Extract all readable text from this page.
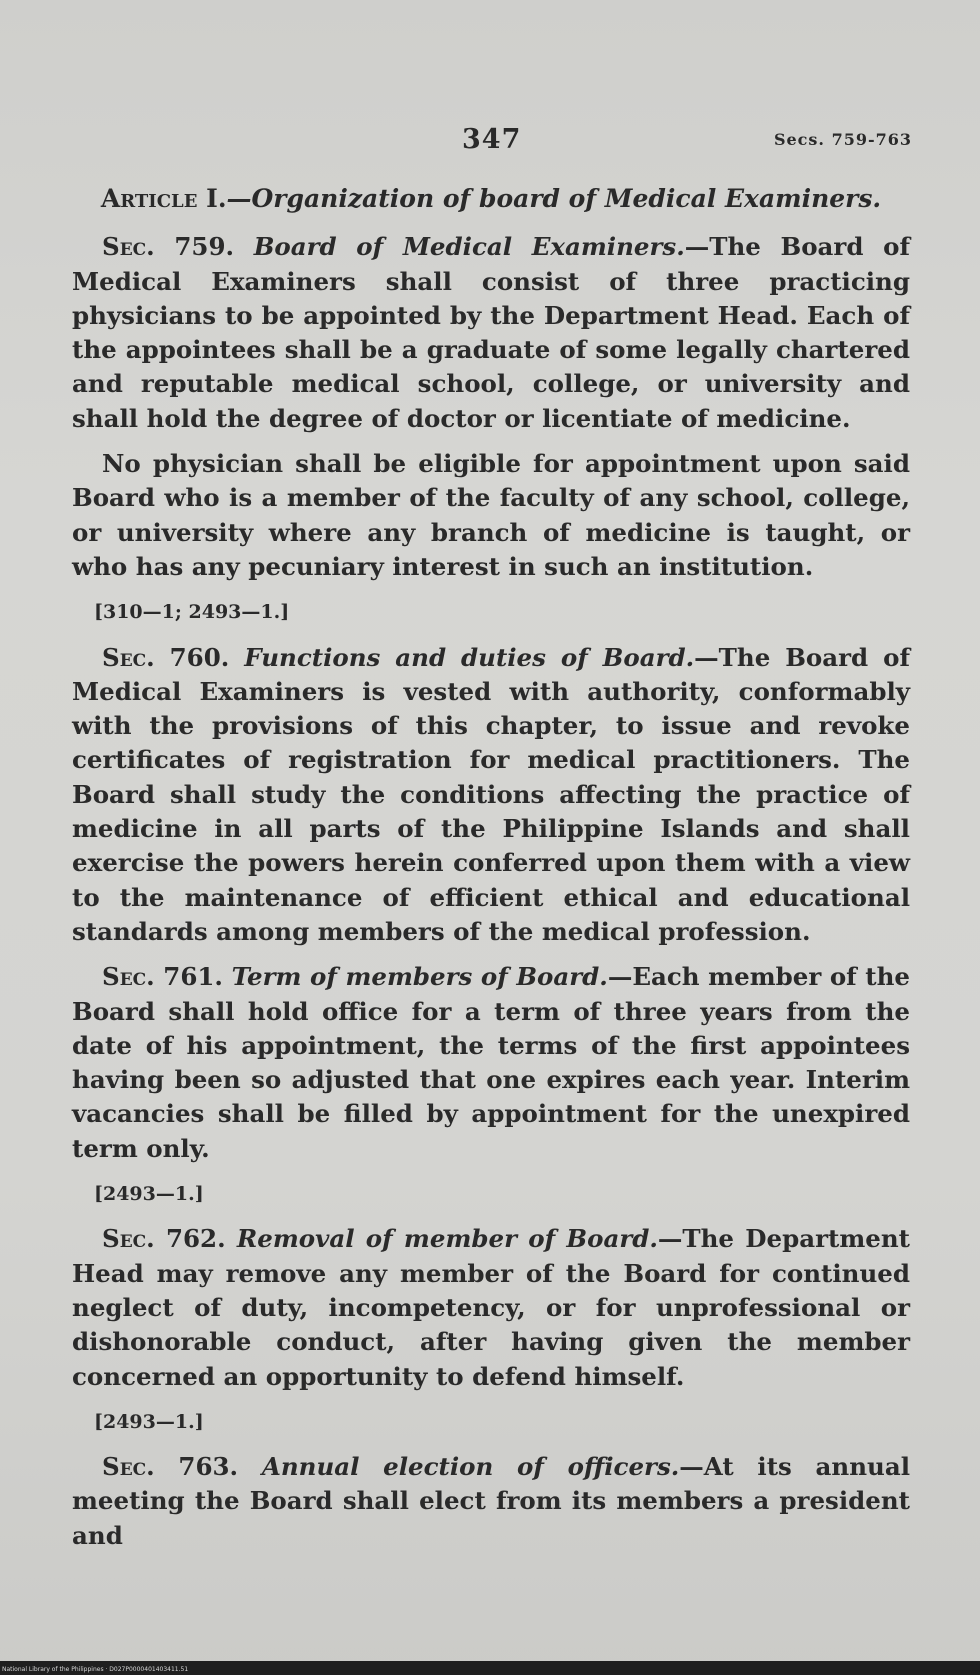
347	Secs. 759-763
Article I.—Organization of board of Medical Examiners.

Sec. 759. Board of Medical Examiners.—The Board of Medical Examiners shall consist of three practicing physicians to be appointed by the Department Head. Each of the appointees shall be a graduate of some legally chartered and reputable medical school, college, or university and shall hold the degree of doctor or licentiate of medicine.

No physician shall be eligible for appointment upon said Board who is a member of the faculty of any school, college, or university where any branch of medicine is taught, or who has any pecuniary interest in such an institution.

[310—1; 2493—1.]

Sec. 760. Functions and duties of Board.—The Board of Medical Examiners is vested with authority, conformably with the provisions of this chapter, to issue and revoke certificates of registration for medical practitioners. The Board shall study the conditions affecting the practice of medicine in all parts of the Philippine Islands and shall exercise the powers herein conferred upon them with a view to the maintenance of efficient ethical and educational standards among members of the medical profession.

Sec. 761. Term of members of Board.—Each member of the Board shall hold office for a term of three years from the date of his appointment, the terms of the first appointees having been so adjusted that one expires each year. Interim vacancies shall be filled by appointment for the unexpired term only.

[2493—1.]

Sec. 762. Removal of member of Board.—The Department Head may remove any member of the Board for continued neglect of duty, incompetency, or for unprofessional or dishonorable conduct, after having given the member concerned an opportunity to defend himself.

[2493—1.]

Sec. 763. Annual election of officers.—At its annual meeting the Board shall elect from its members a president and

National Library of the Philippines · D027P0000401403411.51
